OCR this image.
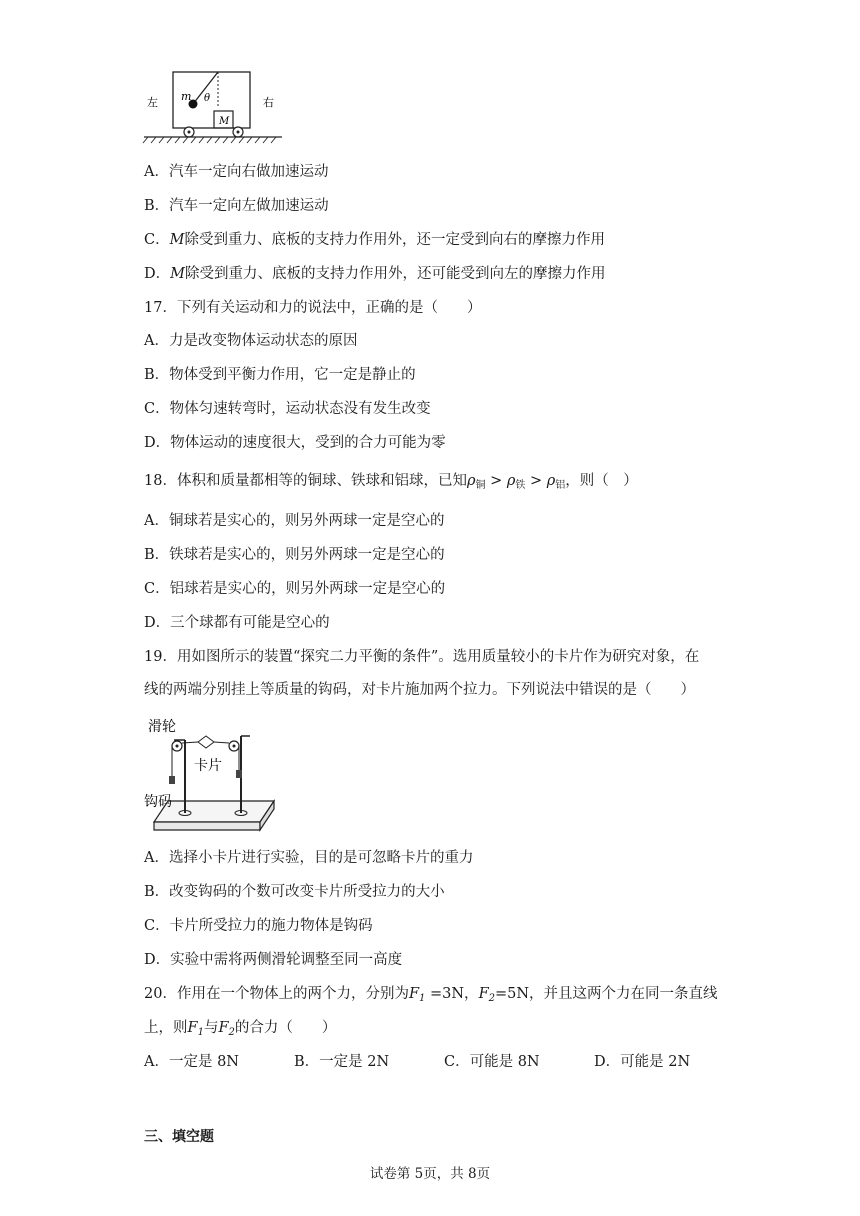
左	右
m θ
M
A．汽车一定向右做加速运动
B．汽车一定向左做加速运动
C．M除受到重力、底板的支持力作用外，还一定受到向右的摩擦力作用
D．M除受到重力、底板的支持力作用外，还可能受到向左的摩擦力作用
17．下列有关运动和力的说法中，正确的是（　　）
A．力是改变物体运动状态的原因
B．物体受到平衡力作用，它一定是静止的
C．物体匀速转弯时，运动状态没有发生改变
D．物体运动的速度很大，受到的合力可能为零
18．体积和质量都相等的铜球、铁球和铝球，已知$\rho_铜 > \rho_铁 > \rho_铝$，则（　）
A．铜球若是实心的，则另外两球一定是空心的
B．铁球若是实心的，则另外两球一定是空心的
C．铝球若是实心的，则另外两球一定是空心的
D．三个球都有可能是空心的
19．用如图所示的装置“探究二力平衡的条件”。选用质量较小的卡片作为研究对象，在
线的两端分别挂上等质量的钩码，对卡片施加两个拉力。下列说法中错误的是（　　）
滑轮
卡片
钩码
A．选择小卡片进行实验，目的是可忽略卡片的重力
B．改变钩码的个数可改变卡片所受拉力的大小
C．卡片所受拉力的施力物体是钩码
D．实验中需将两侧滑轮调整至同一高度
20．作用在一个物体上的两个力，分别为$F_1 =3N$，$F_2=5N$，并且这两个力在同一条直线
上，则$F_1$与$F_2$的合力（　　）
A．一定是 8N	B．一定是 2N	C．可能是 8N	D．可能是 2N
三、填空题
试卷第 5页，共 8页
